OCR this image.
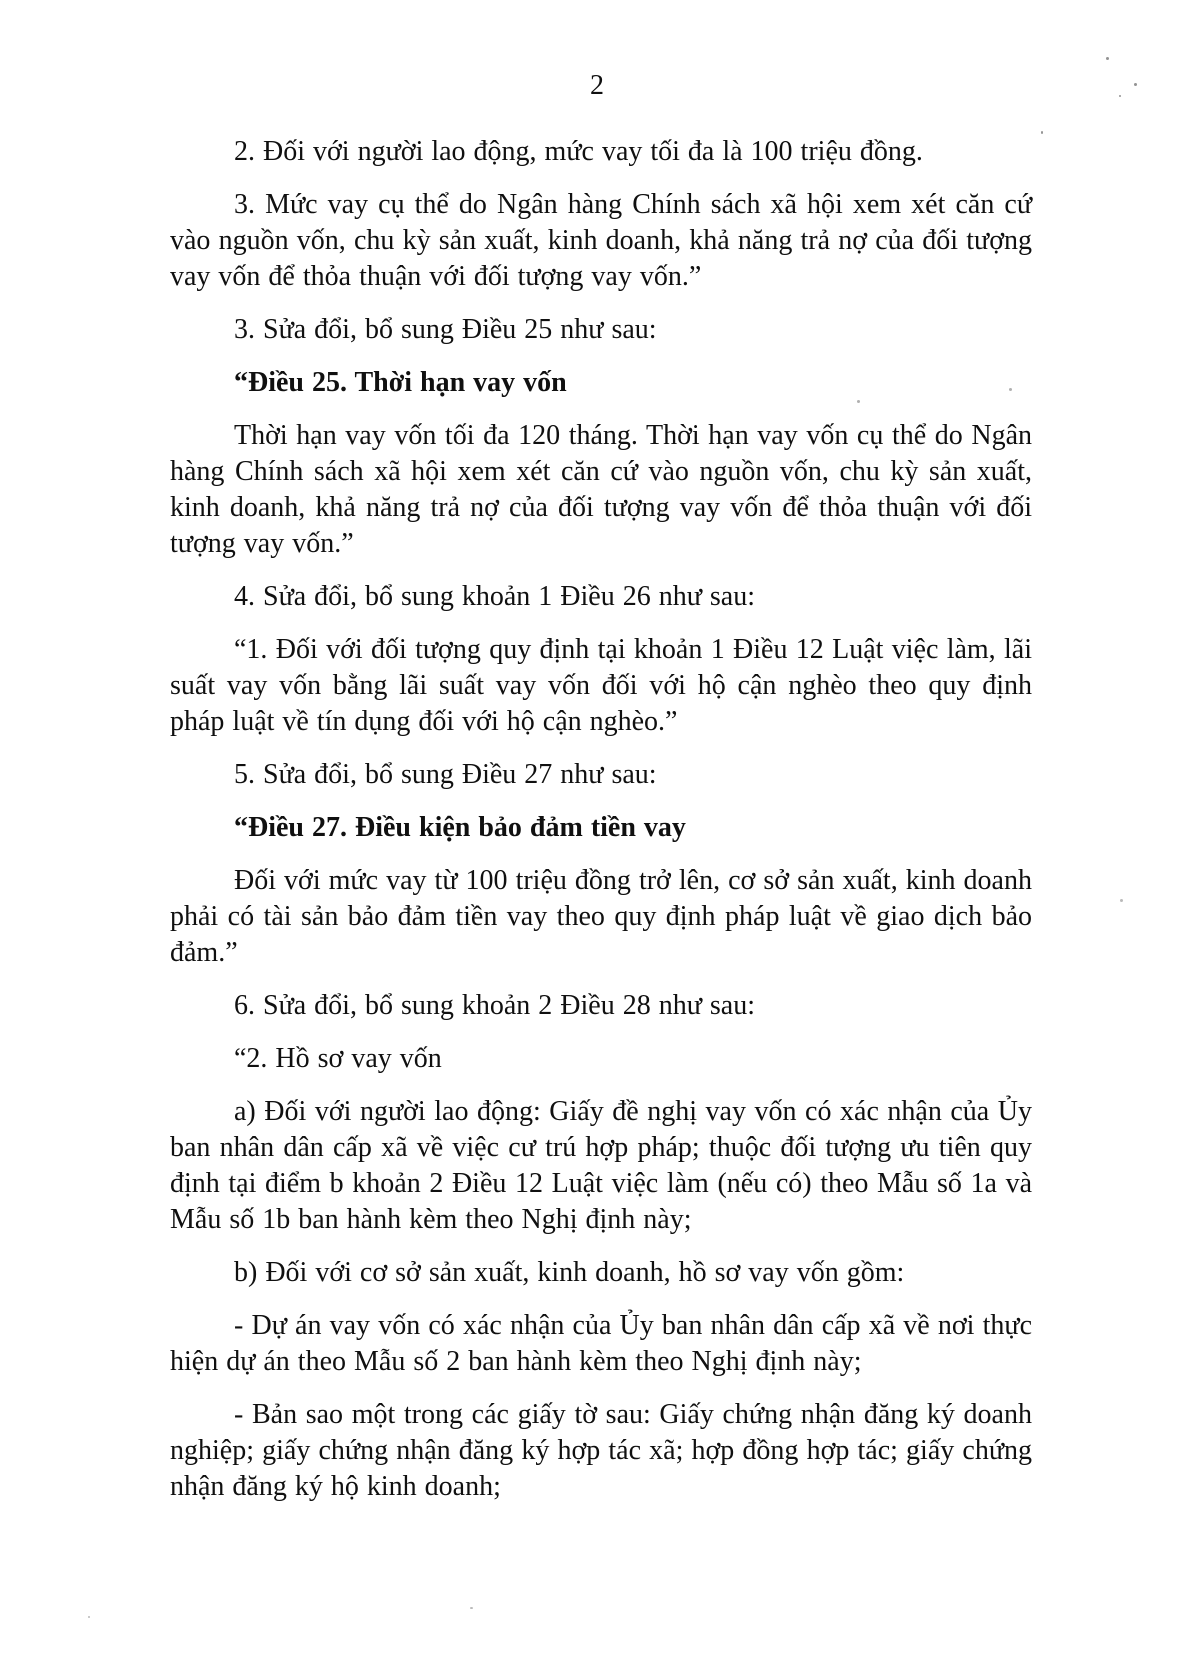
2

2. Đối với người lao động, mức vay tối đa là 100 triệu đồng.

3. Mức vay cụ thể do Ngân hàng Chính sách xã hội xem xét căn cứ vào nguồn vốn, chu kỳ sản xuất, kinh doanh, khả năng trả nợ của đối tượng vay vốn để thỏa thuận với đối tượng vay vốn.”

3. Sửa đổi, bổ sung Điều 25 như sau:

“Điều 25. Thời hạn vay vốn

Thời hạn vay vốn tối đa 120 tháng. Thời hạn vay vốn cụ thể do Ngân hàng Chính sách xã hội xem xét căn cứ vào nguồn vốn, chu kỳ sản xuất, kinh doanh, khả năng trả nợ của đối tượng vay vốn để thỏa thuận với đối tượng vay vốn.”

4. Sửa đổi, bổ sung khoản 1 Điều 26 như sau:

“1. Đối với đối tượng quy định tại khoản 1 Điều 12 Luật việc làm, lãi suất vay vốn bằng lãi suất vay vốn đối với hộ cận nghèo theo quy định pháp luật về tín dụng đối với hộ cận nghèo.”

5. Sửa đổi, bổ sung Điều 27 như sau:

“Điều 27. Điều kiện bảo đảm tiền vay

Đối với mức vay từ 100 triệu đồng trở lên, cơ sở sản xuất, kinh doanh phải có tài sản bảo đảm tiền vay theo quy định pháp luật về giao dịch bảo đảm.”

6. Sửa đổi, bổ sung khoản 2 Điều 28 như sau:

“2. Hồ sơ vay vốn

a) Đối với người lao động: Giấy đề nghị vay vốn có xác nhận của Ủy ban nhân dân cấp xã về việc cư trú hợp pháp; thuộc đối tượng ưu tiên quy định tại điểm b khoản 2 Điều 12 Luật việc làm (nếu có) theo Mẫu số 1a và Mẫu số 1b ban hành kèm theo Nghị định này;

b) Đối với cơ sở sản xuất, kinh doanh, hồ sơ vay vốn gồm:

- Dự án vay vốn có xác nhận của Ủy ban nhân dân cấp xã về nơi thực hiện dự án theo Mẫu số 2 ban hành kèm theo Nghị định này;

- Bản sao một trong các giấy tờ sau: Giấy chứng nhận đăng ký doanh nghiệp; giấy chứng nhận đăng ký hợp tác xã; hợp đồng hợp tác; giấy chứng nhận đăng ký hộ kinh doanh;
